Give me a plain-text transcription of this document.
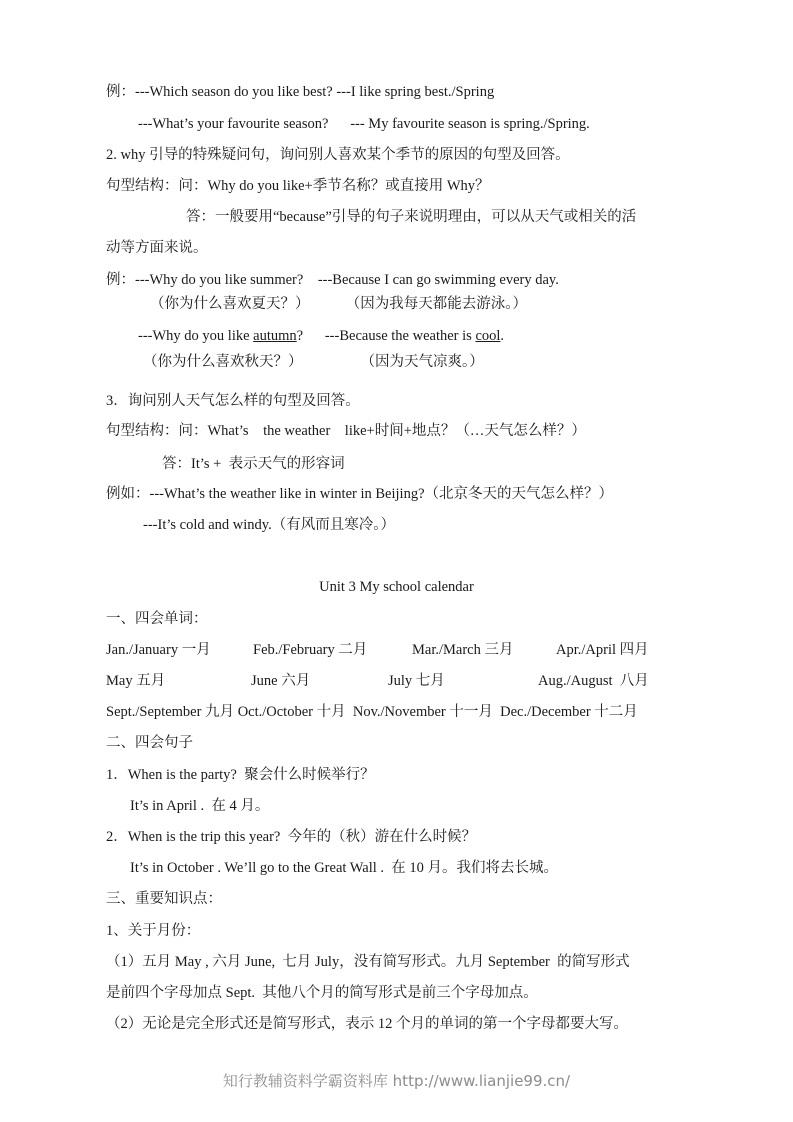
例：---Which season do you like best? ---I like spring best./Spring
---What’s your favourite season?      --- My favourite season is spring./Spring.
2. why 引导的特殊疑问句，询问别人喜欢某个季节的原因的句型及回答。
句型结构：问：Why do you like+季节名称？或直接用 Why？
答：一般要用“because”引导的句子来说明理由，可以从天气或相关的活
动等方面来说。
例：---Why do you like summer?    ---Because I can go swimming every day.
（你为什么喜欢夏天？）          （因为我每天都能去游泳。）
---Why do you like autumn?      ---Because the weather is cool.
（你为什么喜欢秋天？）                （因为天气凉爽。）
3．询问别人天气怎么样的句型及回答。
句型结构：问：What’s    the weather    like+时间+地点？（…天气怎么样？）
答：It’s +  表示天气的形容词
例如：---What’s the weather like in winter in Beijing?（北京冬天的天气怎么样？）
---It’s cold and windy.（有风而且寒冷。）
Unit 3 My school calendar
一、四会单词：
Jan./January 一月	Feb./February 二月	Mar./March 三月	Apr./April 四月
May 五月	June 六月	July 七月	Aug./August  八月
Sept./September 九月 Oct./October 十月  Nov./November 十一月  Dec./December 十二月
二、四会句子
1．When is the party?  聚会什么时候举行？
It’s in April .  在 4 月。
2．When is the trip this year?  今年的（秋）游在什么时候？
It’s in October . We’ll go to the Great Wall .  在 10 月。我们将去长城。
三、重要知识点：
1、关于月份：
（1）五月 May , 六月 June,  七月 July，没有简写形式。九月 September  的简写形式
是前四个字母加点 Sept.  其他八个月的简写形式是前三个字母加点。
（2）无论是完全形式还是简写形式，表示 12 个月的单词的第一个字母都要大写。
知行教辅资料学霸资料库 http://www.lianjie99.cn/
